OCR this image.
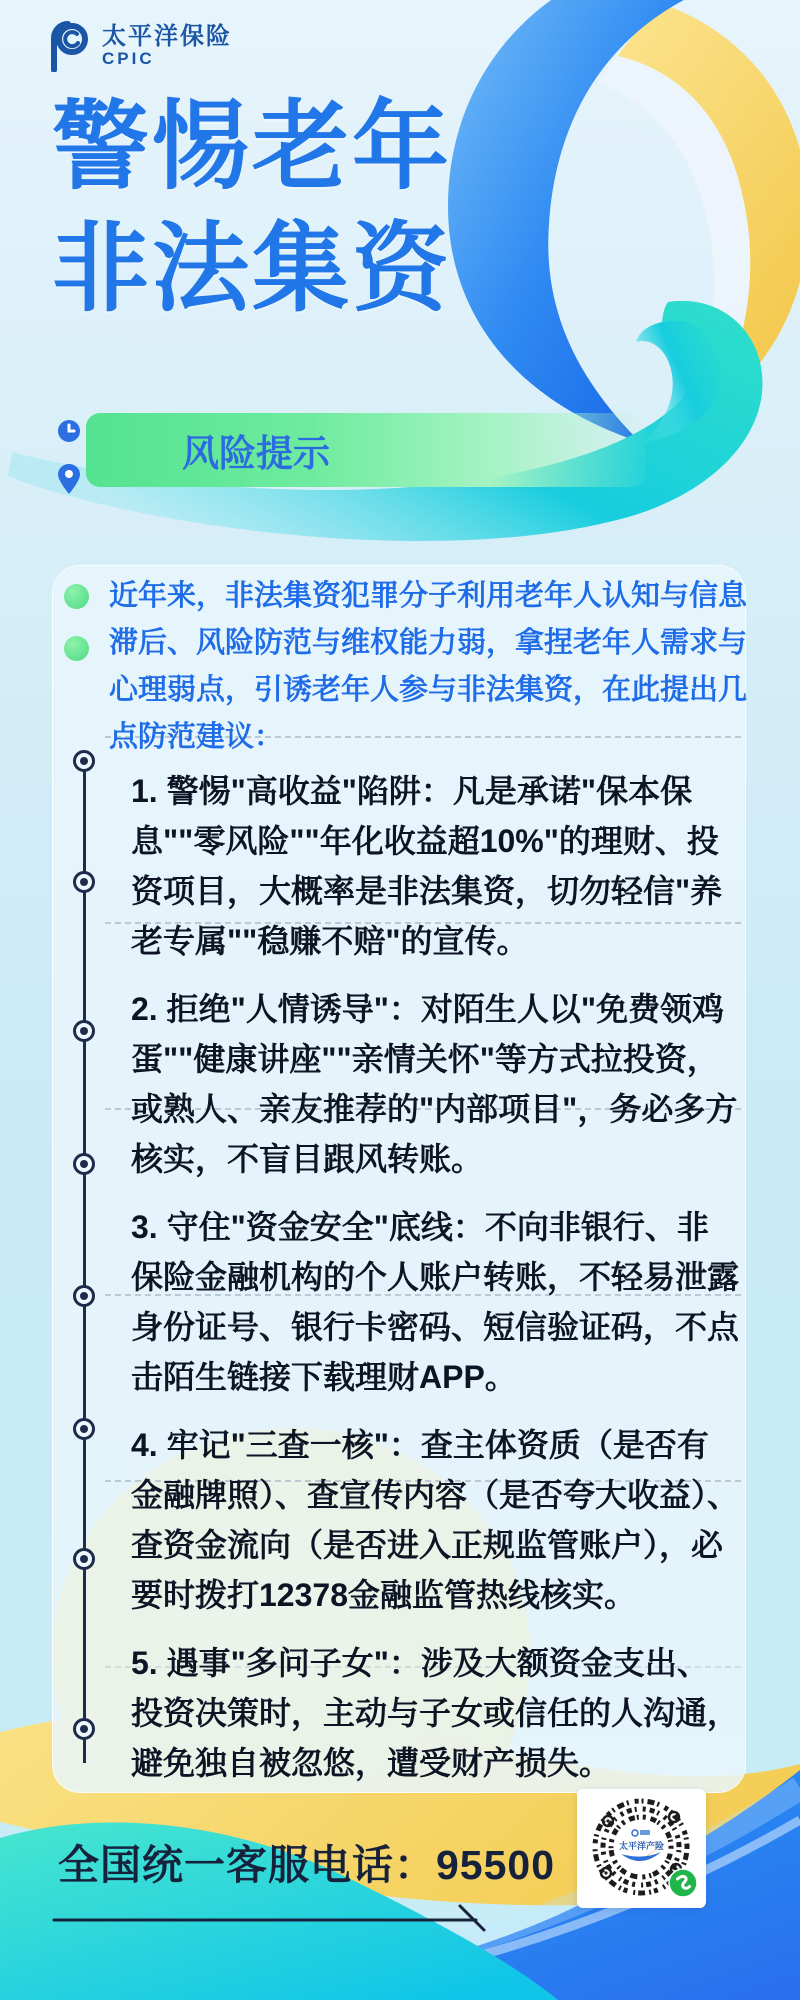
太平洋保险
CPIC
警惕老年
非法集资

风险提示

近年来，非法集资犯罪分子利用老年人认知与信息滞后、风险防范与维权能力弱，拿捏老年人需求与心理弱点，引诱老年人参与非法集资，在此提出几点防范建议：

1. 警惕"高收益"陷阱：凡是承诺"保本保息""零风险""年化收益超10%"的理财、投资项目，大概率是非法集资，切勿轻信"养老专属""稳赚不赔"的宣传。

2. 拒绝"人情诱导"：对陌生人以"免费领鸡蛋""健康讲座""亲情关怀"等方式拉投资，或熟人、亲友推荐的"内部项目"，务必多方核实，不盲目跟风转账。

3. 守住"资金安全"底线：不向非银行、非保险金融机构的个人账户转账，不轻易泄露身份证号、银行卡密码、短信验证码，不点击陌生链接下载理财APP。

4. 牢记"三查一核"：查主体资质（是否有金融牌照）、查宣传内容（是否夸大收益）、查资金流向（是否进入正规监管账户），必要时拨打12378金融监管热线核实。

5. 遇事"多问子女"：涉及大额资金支出、投资决策时，主动与子女或信任的人沟通，避免独自被忽悠，遭受财产损失。

全国统一客服电话：95500	太平洋产险
